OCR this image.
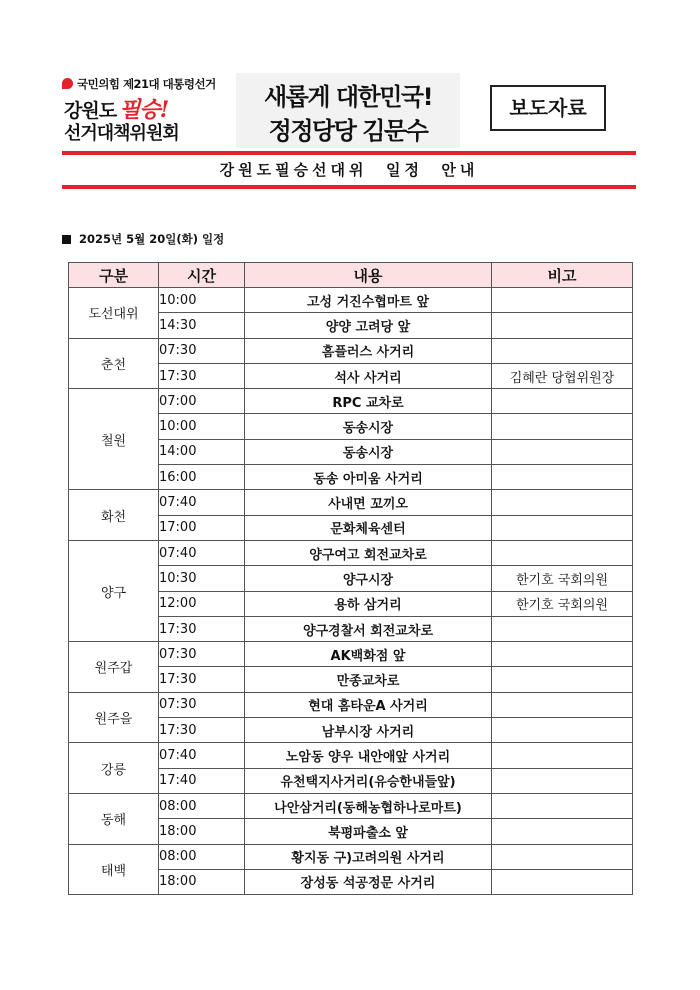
국민의힘 제21대 대통령선거
강원도 필승!
선거대책위원회
새롭게 대한민국!
정정당당 김문수
보도자료
강원도필승선대위  일정  안내
2025년 5월 20일(화) 일정
구분	시간	내용	비고
도선대위	10:00	고성 거진수협마트 앞	
	14:30	양양 고려당 앞	
춘천	07:30	홈플러스 사거리	
	17:30	석사 사거리	김혜란 당협위원장
철원	07:00	RPC 교차로	
	10:00	동송시장	
	14:00	동송시장	
	16:00	동송 아미움 사거리	
화천	07:40	사내면 꼬끼오	
	17:00	문화체육센터	
양구	07:40	양구여고 회전교차로	
	10:30	양구시장	한기호 국회의원
	12:00	용하 삼거리	한기호 국회의원
	17:30	양구경찰서 회전교차로	
원주갑	07:30	AK백화점 앞	
	17:30	만종교차로	
원주을	07:30	현대 홈타운A 사거리	
	17:30	남부시장 사거리	
강릉	07:40	노암동 양우 내안애앞 사거리	
	17:40	유천택지사거리(유승한내들앞)	
동해	08:00	나안삼거리(동해농협하나로마트)	
	18:00	북평파출소 앞	
태백	08:00	황지동 구)고려의원 사거리	
	18:00	장성동 석공정문 사거리	
